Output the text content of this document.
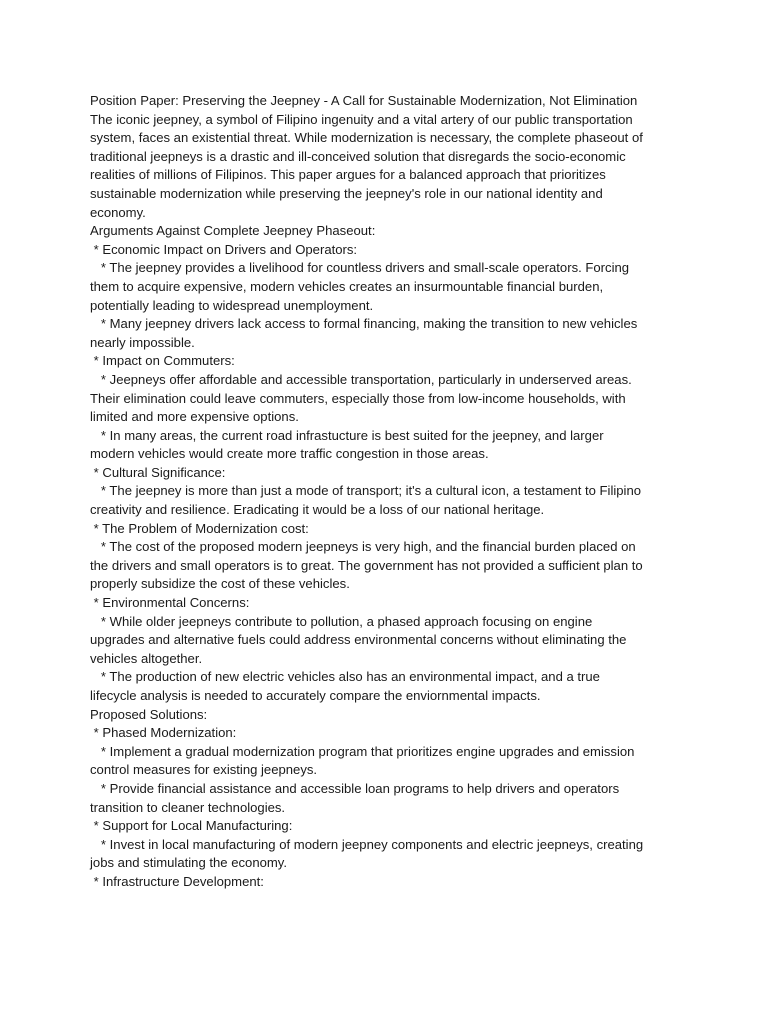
Position Paper: Preserving the Jeepney - A Call for Sustainable Modernization, Not Elimination
The iconic jeepney, a symbol of Filipino ingenuity and a vital artery of our public transportation
system, faces an existential threat. While modernization is necessary, the complete phaseout of
traditional jeepneys is a drastic and ill-conceived solution that disregards the socio-economic
realities of millions of Filipinos. This paper argues for a balanced approach that prioritizes
sustainable modernization while preserving the jeepney's role in our national identity and
economy.
Arguments Against Complete Jeepney Phaseout:
* Economic Impact on Drivers and Operators:
* The jeepney provides a livelihood for countless drivers and small-scale operators. Forcing
them to acquire expensive, modern vehicles creates an insurmountable financial burden,
potentially leading to widespread unemployment.
* Many jeepney drivers lack access to formal financing, making the transition to new vehicles
nearly impossible.
* Impact on Commuters:
* Jeepneys offer affordable and accessible transportation, particularly in underserved areas.
Their elimination could leave commuters, especially those from low-income households, with
limited and more expensive options.
* In many areas, the current road infrastucture is best suited for the jeepney, and larger
modern vehicles would create more traffic congestion in those areas.
* Cultural Significance:
* The jeepney is more than just a mode of transport; it's a cultural icon, a testament to Filipino
creativity and resilience. Eradicating it would be a loss of our national heritage.
* The Problem of Modernization cost:
* The cost of the proposed modern jeepneys is very high, and the financial burden placed on
the drivers and small operators is to great. The government has not provided a sufficient plan to
properly subsidize the cost of these vehicles.
* Environmental Concerns:
* While older jeepneys contribute to pollution, a phased approach focusing on engine
upgrades and alternative fuels could address environmental concerns without eliminating the
vehicles altogether.
* The production of new electric vehicles also has an environmental impact, and a true
lifecycle analysis is needed to accurately compare the enviornmental impacts.
Proposed Solutions:
* Phased Modernization:
* Implement a gradual modernization program that prioritizes engine upgrades and emission
control measures for existing jeepneys.
* Provide financial assistance and accessible loan programs to help drivers and operators
transition to cleaner technologies.
* Support for Local Manufacturing:
* Invest in local manufacturing of modern jeepney components and electric jeepneys, creating
jobs and stimulating the economy.
* Infrastructure Development:
